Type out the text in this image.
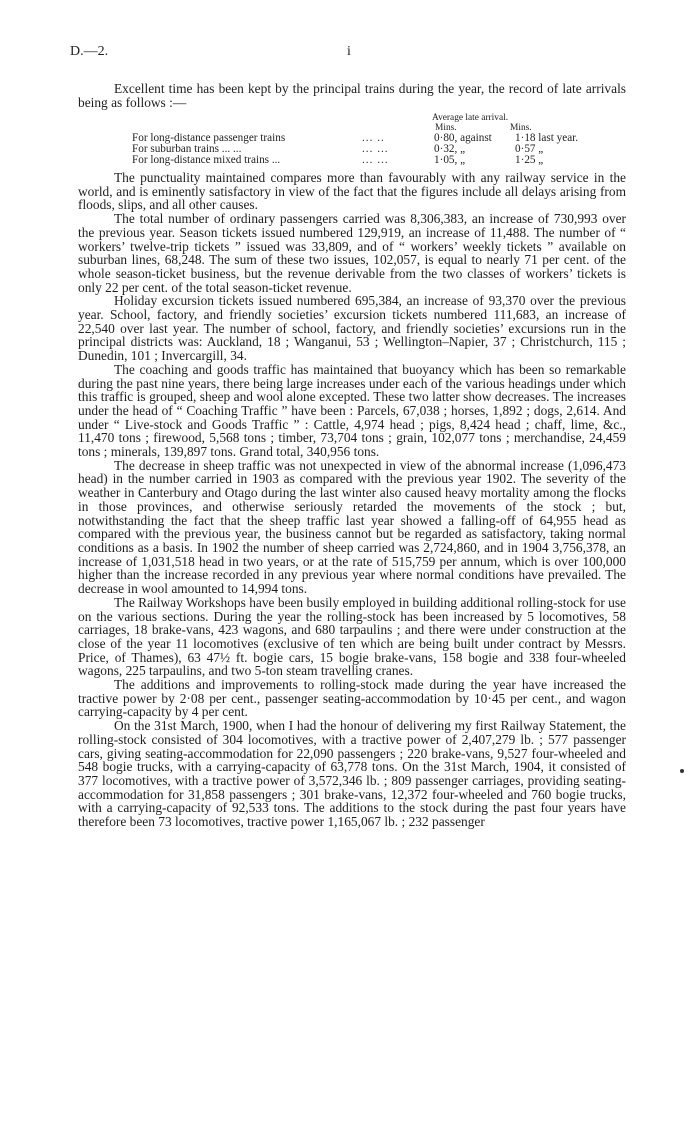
D.—2.	i

Excellent time has been kept by the principal trains during the year, the record of late arrivals being as follows :—

Average late arrival.
Mins.	Mins.
For long-distance passenger trains	... ..	0·80, against 1·18 last year.
For suburban trains ... ...	... ...	0·32, „	0·57 „
For long-distance mixed trains ...	... ...	1·05, „	1·25 „

The punctuality maintained compares more than favourably with any railway service in the world, and is eminently satisfactory in view of the fact that the figures include all delays arising from floods, slips, and all other causes.

The total number of ordinary passengers carried was 8,306,383, an increase of 730,993 over the previous year. Season tickets issued numbered 129,919, an increase of 11,488. The number of “ workers’ twelve-trip tickets ” issued was 33,809, and of “ workers’ weekly tickets ” available on suburban lines, 68,248. The sum of these two issues, 102,057, is equal to nearly 71 per cent. of the whole season-ticket business, but the revenue derivable from the two classes of workers’ tickets is only 22 per cent. of the total season-ticket revenue.

Holiday excursion tickets issued numbered 695,384, an increase of 93,370 over the previous year. School, factory, and friendly societies’ excursion tickets numbered 111,683, an increase of 22,540 over last year. The number of school, factory, and friendly societies’ excursions run in the principal districts was: Auckland, 18 ; Wanganui, 53 ; Wellington–Napier, 37 ; Christchurch, 115 ; Dunedin, 101 ; Invercargill, 34.

The coaching and goods traffic has maintained that buoyancy which has been so remarkable during the past nine years, there being large increases under each of the various headings under which this traffic is grouped, sheep and wool alone excepted. These two latter show decreases. The increases under the head of “ Coaching Traffic ” have been : Parcels, 67,038 ; horses, 1,892 ; dogs, 2,614. And under “ Live-stock and Goods Traffic ” : Cattle, 4,974 head ; pigs, 8,424 head ; chaff, lime, &c., 11,470 tons ; firewood, 5,568 tons ; timber, 73,704 tons ; grain, 102,077 tons ; merchandise, 24,459 tons ; minerals, 139,897 tons. Grand total, 340,956 tons.

The decrease in sheep traffic was not unexpected in view of the abnormal increase (1,096,473 head) in the number carried in 1903 as compared with the previous year 1902. The severity of the weather in Canterbury and Otago during the last winter also caused heavy mortality among the flocks in those provinces, and otherwise seriously retarded the movements of the stock ; but, notwithstanding the fact that the sheep traffic last year showed a falling-off of 64,955 head as compared with the previous year, the business cannot but be regarded as satisfactory, taking normal conditions as a basis. In 1902 the number of sheep carried was 2,724,860, and in 1904 3,756,378, an increase of 1,031,518 head in two years, or at the rate of 515,759 per annum, which is over 100,000 higher than the increase recorded in any previous year where normal conditions have prevailed. The decrease in wool amounted to 14,994 tons.

The Railway Workshops have been busily employed in building additional rolling-stock for use on the various sections. During the year the rolling-stock has been increased by 5 locomotives, 58 carriages, 18 brake-vans, 423 wagons, and 680 tarpaulins ; and there were under construction at the close of the year 11 locomotives (exclusive of ten which are being built under contract by Messrs. Price, of Thames), 63 47½ ft. bogie cars, 15 bogie brake-vans, 158 bogie and 338 four-wheeled wagons, 225 tarpaulins, and two 5-ton steam travelling cranes.

The additions and improvements to rolling-stock made during the year have increased the tractive power by 2·08 per cent., passenger seating-accommodation by 10·45 per cent., and wagon carrying-capacity by 4 per cent.

On the 31st March, 1900, when I had the honour of delivering my first Railway Statement, the rolling-stock consisted of 304 locomotives, with a tractive power of 2,407,279 lb. ; 577 passenger cars, giving seating-accommodation for 22,090 passengers ; 220 brake-vans, 9,527 four-wheeled and 548 bogie trucks, with a carrying-capacity of 63,778 tons. On the 31st March, 1904, it consisted of 377 locomotives, with a tractive power of 3,572,346 lb. ; 809 passenger carriages, providing seating-accommodation for 31,858 passengers ; 301 brake-vans, 12,372 four-wheeled and 760 bogie trucks, with a carrying-capacity of 92,533 tons. The additions to the stock during the past four years have therefore been 73 locomotives, tractive power 1,165,067 lb. ; 232 passenger
